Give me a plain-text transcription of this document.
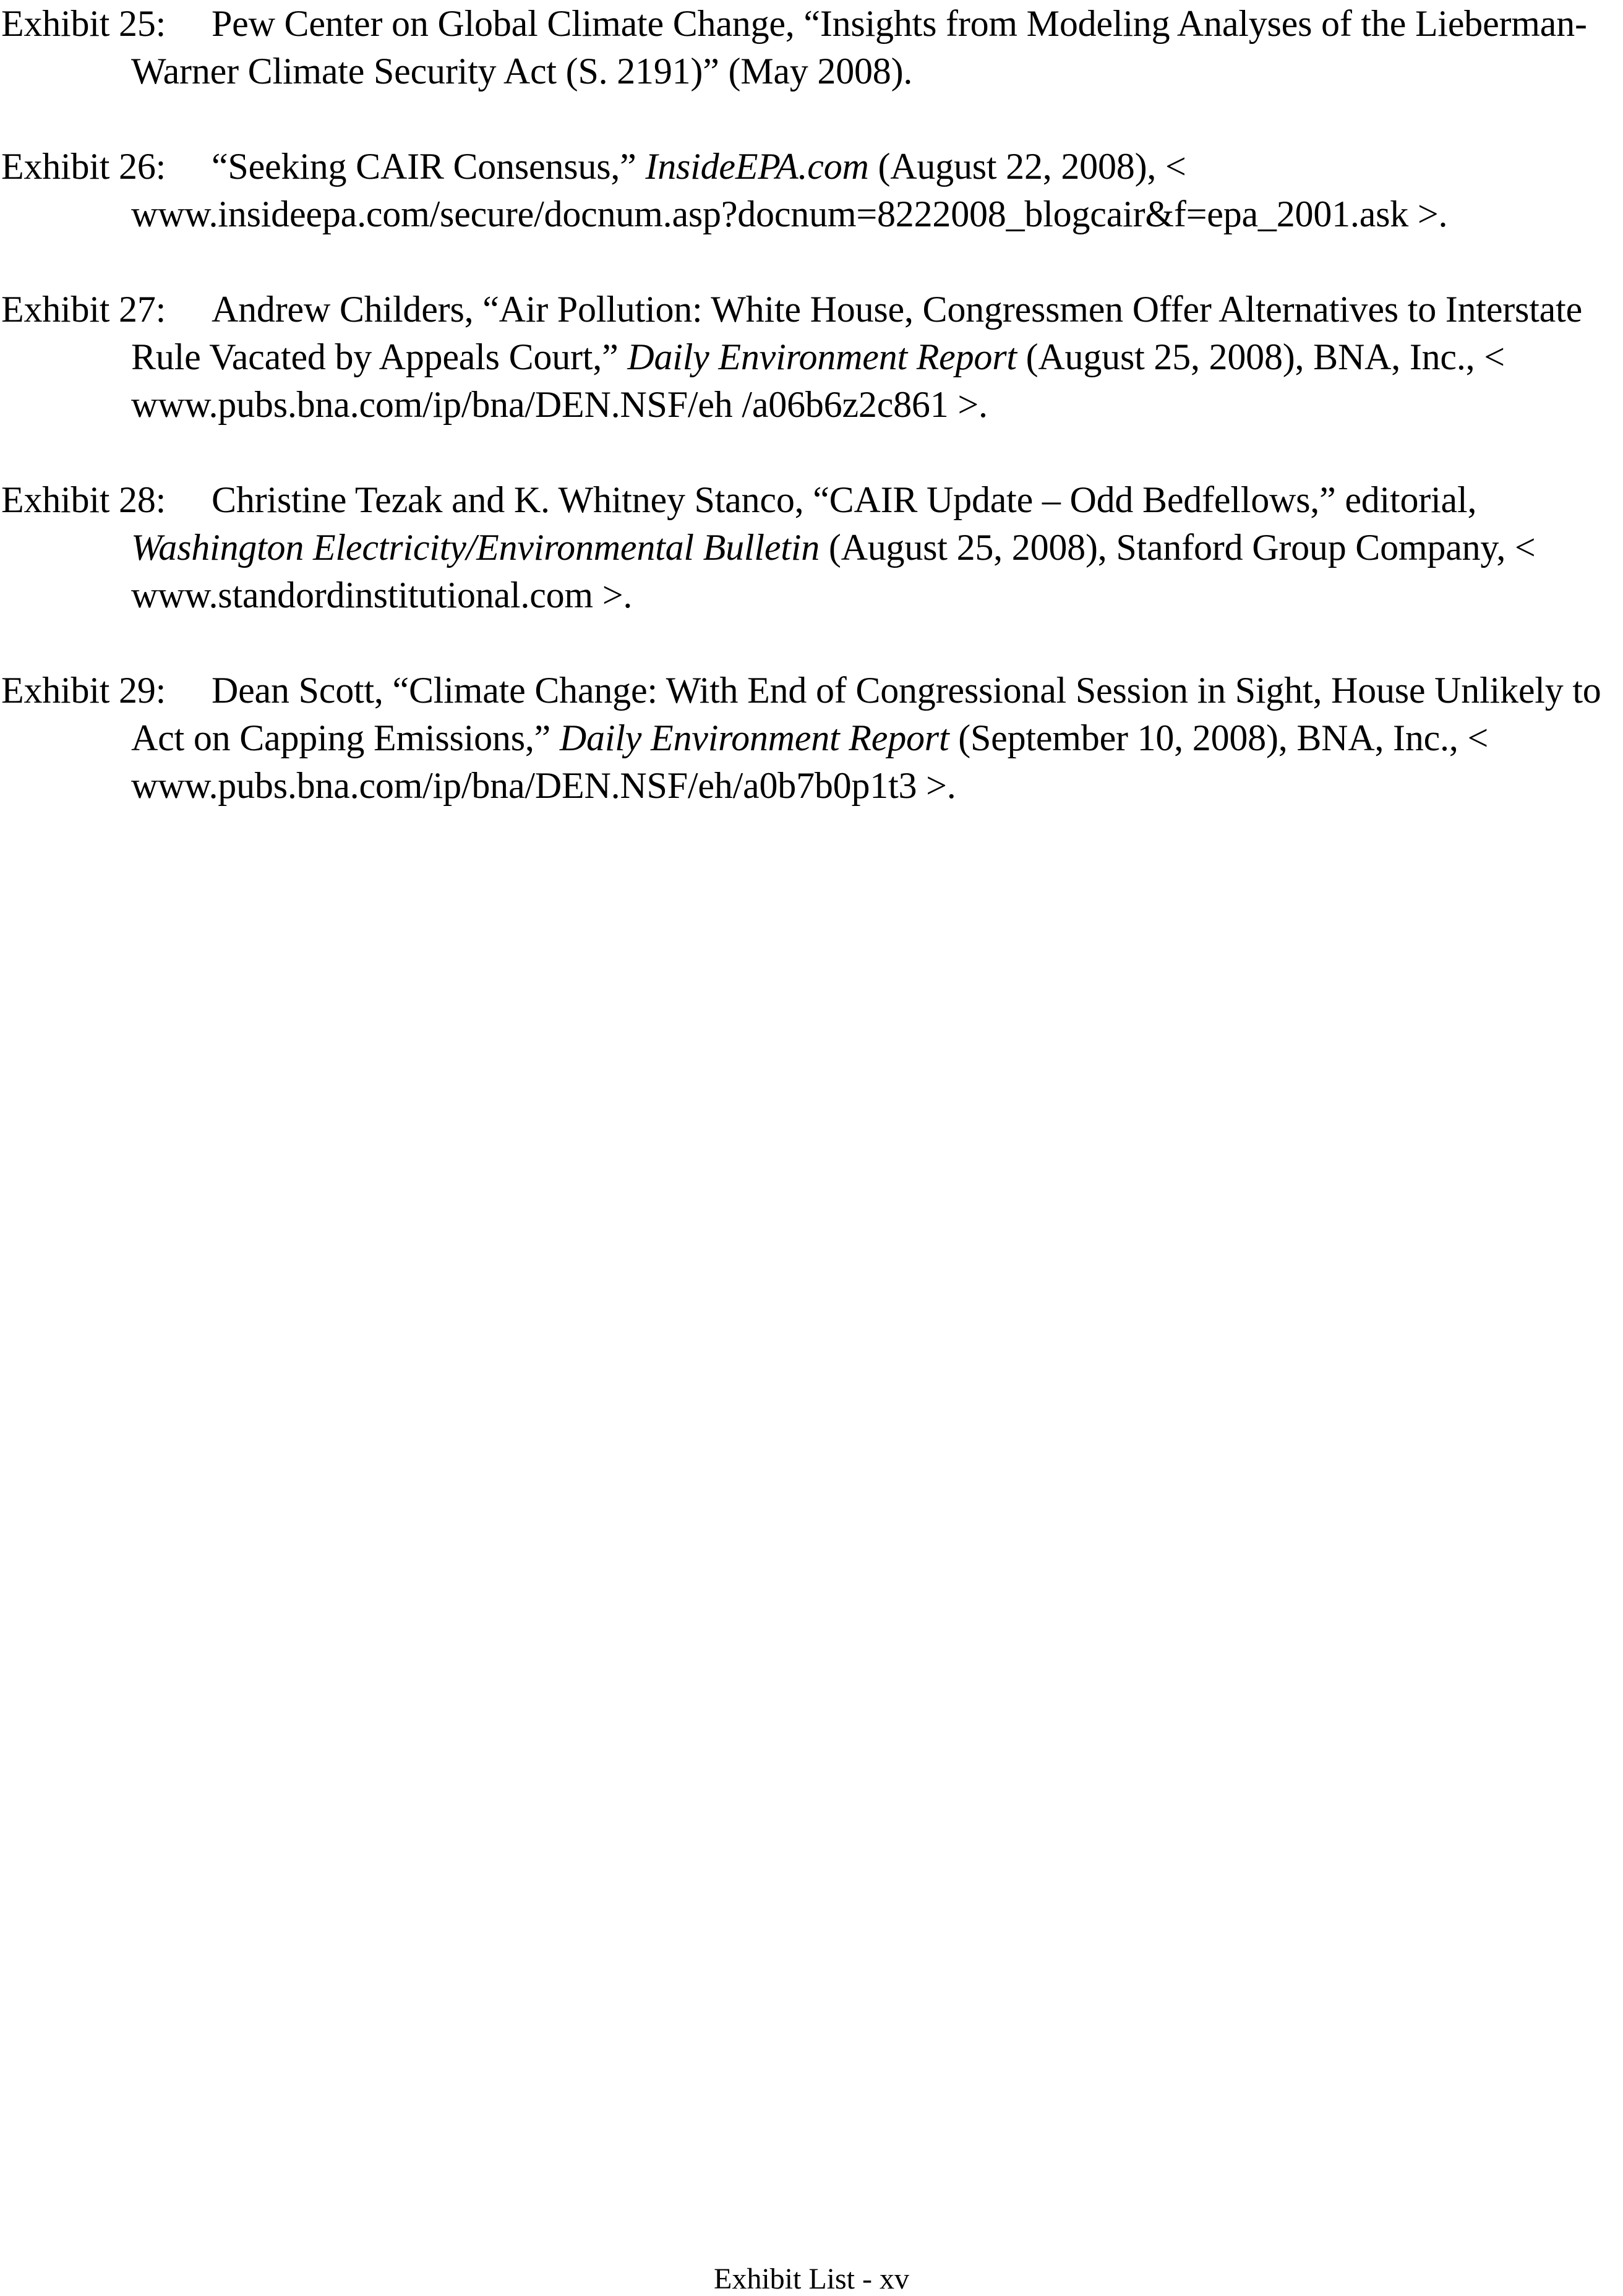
Exhibit 25: Pew Center on Global Climate Change, “Insights from Modeling Analyses of the Lieberman-Warner Climate Security Act (S. 2191)” (May 2008).

Exhibit 26: “Seeking CAIR Consensus,” InsideEPA.com (August 22, 2008), < www.insideepa.com/secure/docnum.asp?docnum=8222008_blogcair&f=epa_2001.ask >.

Exhibit 27: Andrew Childers, “Air Pollution: White House, Congressmen Offer Alternatives to Interstate Rule Vacated by Appeals Court,” Daily Environment Report (August 25, 2008), BNA, Inc., < www.pubs.bna.com/ip/bna/DEN.NSF/eh /a06b6z2c861 >.

Exhibit 28: Christine Tezak and K. Whitney Stanco, “CAIR Update – Odd Bedfellows,” editorial, Washington Electricity/Environmental Bulletin (August 25, 2008), Stanford Group Company, < www.standordinstitutional.com >.

Exhibit 29: Dean Scott, “Climate Change: With End of Congressional Session in Sight, House Unlikely to Act on Capping Emissions,” Daily Environment Report (September 10, 2008), BNA, Inc., < www.pubs.bna.com/ip/bna/DEN.NSF/eh/a0b7b0p1t3 >.

Exhibit List - xv
